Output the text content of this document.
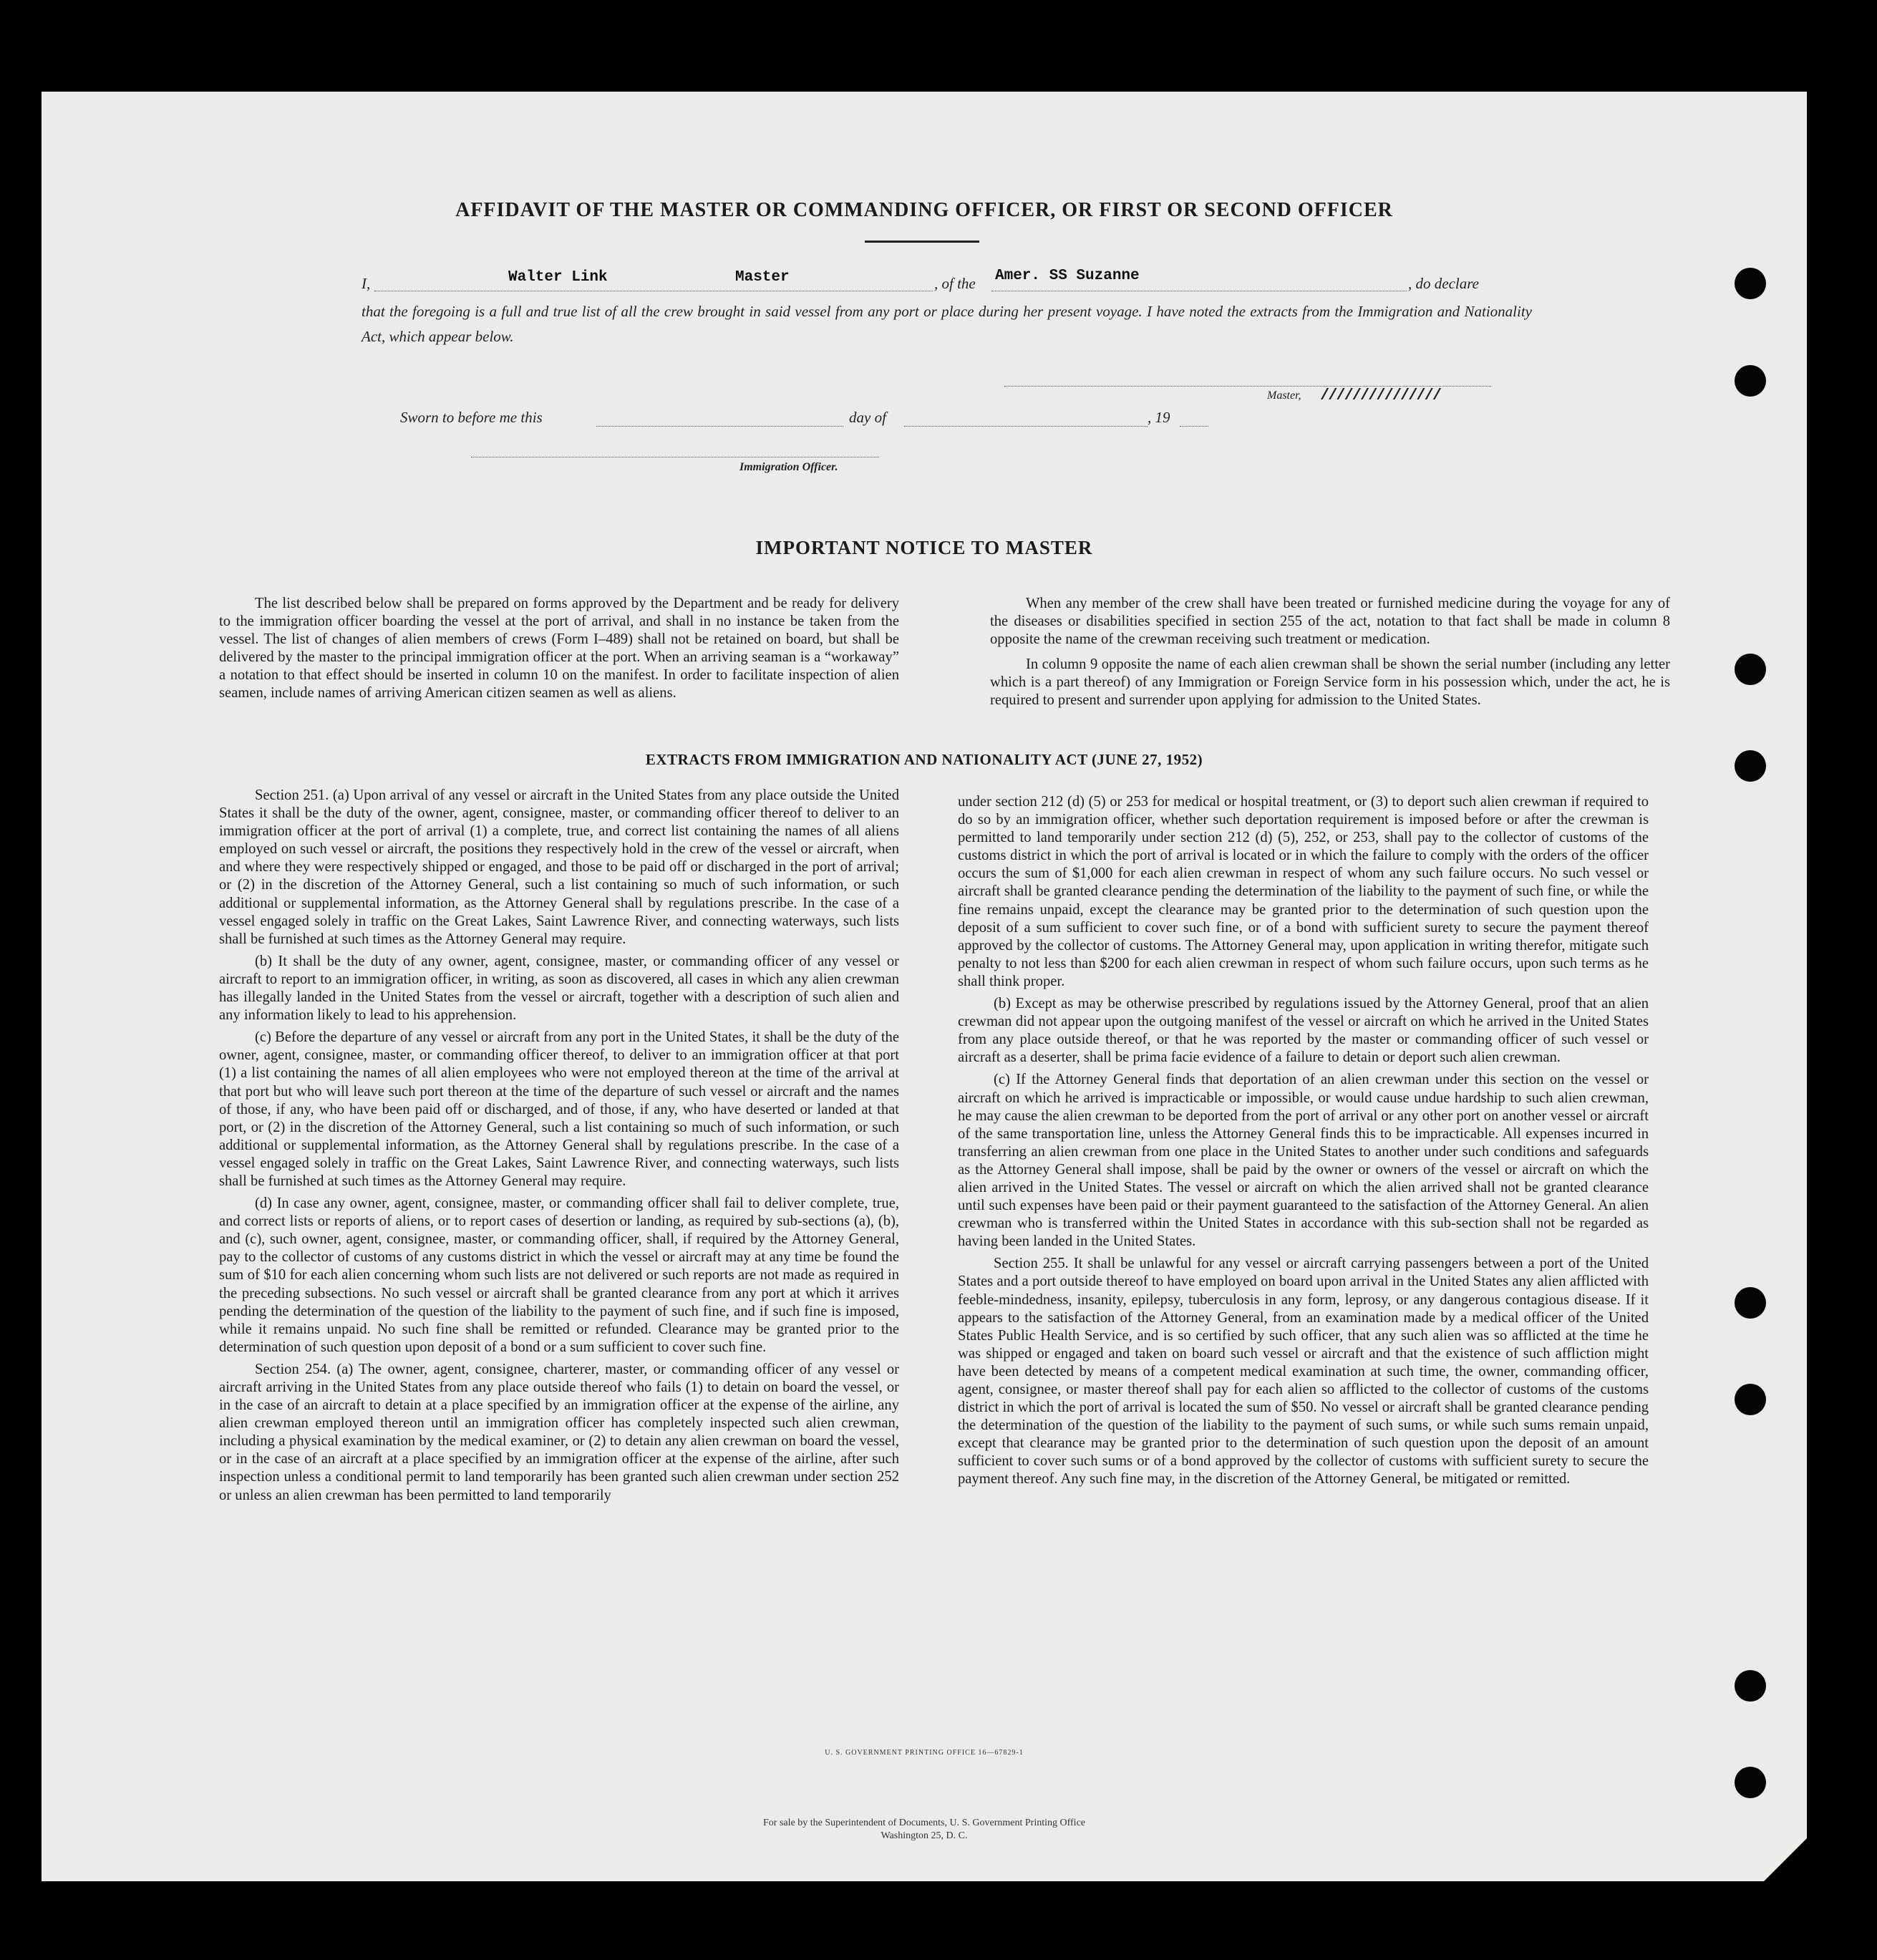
AFFIDAVIT OF THE MASTER OR COMMANDING OFFICER, OR FIRST OR SECOND OFFICER
I,	Walter Link	Master	, of the Amer. SS Suzanne	, do declare
that the foregoing is a full and true list of all the crew brought in said vessel from any port or place during her present voyage. I have noted the extracts from the Immigration and Nationality Act, which appear below.
Master, ///////////////
Sworn to before me this	day of	, 19
Immigration Officer.
IMPORTANT NOTICE TO MASTER

The list described below shall be prepared on forms approved by the Department and be ready for delivery to the immigration officer boarding the vessel at the port of arrival, and shall in no instance be taken from the vessel. The list of changes of alien members of crews (Form I–489) shall not be retained on board, but shall be delivered by the master to the principal immigration officer at the port. When an arriving seaman is a “workaway” a notation to that effect should be inserted in column 10 on the manifest. In order to facilitate inspection of alien seamen, include names of arriving American citizen seamen as well as aliens.

When any member of the crew shall have been treated or furnished medicine during the voyage for any of the diseases or disabilities specified in section 255 of the act, notation to that fact shall be made in column 8 opposite the name of the crewman receiving such treatment or medication.

In column 9 opposite the name of each alien crewman shall be shown the serial number (including any letter which is a part thereof) of any Immigration or Foreign Service form in his possession which, under the act, he is required to present and surrender upon applying for admission to the United States.

EXTRACTS FROM IMMIGRATION AND NATIONALITY ACT (JUNE 27, 1952)

Section 251. (a) Upon arrival of any vessel or aircraft in the United States from any place outside the United States it shall be the duty of the owner, agent, consignee, master, or commanding officer thereof to deliver to an immigration officer at the port of arrival (1) a complete, true, and correct list containing the names of all aliens employed on such vessel or aircraft, the positions they respectively hold in the crew of the vessel or aircraft, when and where they were respectively shipped or engaged, and those to be paid off or discharged in the port of arrival; or (2) in the discretion of the Attorney General, such a list containing so much of such information, or such additional or supplemental information, as the Attorney General shall by regulations prescribe. In the case of a vessel engaged solely in traffic on the Great Lakes, Saint Lawrence River, and connecting waterways, such lists shall be furnished at such times as the Attorney General may require.

(b) It shall be the duty of any owner, agent, consignee, master, or commanding officer of any vessel or aircraft to report to an immigration officer, in writing, as soon as discovered, all cases in which any alien crewman has illegally landed in the United States from the vessel or aircraft, together with a description of such alien and any information likely to lead to his apprehension.

(c) Before the departure of any vessel or aircraft from any port in the United States, it shall be the duty of the owner, agent, consignee, master, or commanding officer thereof, to deliver to an immigration officer at that port (1) a list containing the names of all alien employees who were not employed thereon at the time of the arrival at that port but who will leave such port thereon at the time of the departure of such vessel or aircraft and the names of those, if any, who have been paid off or discharged, and of those, if any, who have deserted or landed at that port, or (2) in the discretion of the Attorney General, such a list containing so much of such information, or such additional or supplemental information, as the Attorney General shall by regulations prescribe. In the case of a vessel engaged solely in traffic on the Great Lakes, Saint Lawrence River, and connecting waterways, such lists shall be furnished at such times as the Attorney General may require.

(d) In case any owner, agent, consignee, master, or commanding officer shall fail to deliver complete, true, and correct lists or reports of aliens, or to report cases of desertion or landing, as required by sub-sections (a), (b), and (c), such owner, agent, consignee, master, or commanding officer, shall, if required by the Attorney General, pay to the collector of customs of any customs district in which the vessel or aircraft may at any time be found the sum of $10 for each alien concerning whom such lists are not delivered or such reports are not made as required in the preceding subsections. No such vessel or aircraft shall be granted clearance from any port at which it arrives pending the determination of the question of the liability to the payment of such fine, and if such fine is imposed, while it remains unpaid. No such fine shall be remitted or refunded. Clearance may be granted prior to the determination of such question upon deposit of a bond or a sum sufficient to cover such fine.

Section 254. (a) The owner, agent, consignee, charterer, master, or commanding officer of any vessel or aircraft arriving in the United States from any place outside thereof who fails (1) to detain on board the vessel, or in the case of an aircraft to detain at a place specified by an immigration officer at the expense of the airline, any alien crewman employed thereon until an immigration officer has completely inspected such alien crewman, including a physical examination by the medical examiner, or (2) to detain any alien crewman on board the vessel, or in the case of an aircraft at a place specified by an immigration officer at the expense of the airline, after such inspection unless a conditional permit to land temporarily has been granted such alien crewman under section 252 or unless an alien crewman has been permitted to land temporarily

under section 212 (d) (5) or 253 for medical or hospital treatment, or (3) to deport such alien crewman if required to do so by an immigration officer, whether such deportation requirement is imposed before or after the crewman is permitted to land temporarily under section 212 (d) (5), 252, or 253, shall pay to the collector of customs of the customs district in which the port of arrival is located or in which the failure to comply with the orders of the officer occurs the sum of $1,000 for each alien crewman in respect of whom any such failure occurs. No such vessel or aircraft shall be granted clearance pending the determination of the liability to the payment of such fine, or while the fine remains unpaid, except the clearance may be granted prior to the determination of such question upon the deposit of a sum sufficient to cover such fine, or of a bond with sufficient surety to secure the payment thereof approved by the collector of customs. The Attorney General may, upon application in writing therefor, mitigate such penalty to not less than $200 for each alien crewman in respect of whom such failure occurs, upon such terms as he shall think proper.

(b) Except as may be otherwise prescribed by regulations issued by the Attorney General, proof that an alien crewman did not appear upon the outgoing manifest of the vessel or aircraft on which he arrived in the United States from any place outside thereof, or that he was reported by the master or commanding officer of such vessel or aircraft as a deserter, shall be prima facie evidence of a failure to detain or deport such alien crewman.

(c) If the Attorney General finds that deportation of an alien crewman under this section on the vessel or aircraft on which he arrived is impracticable or impossible, or would cause undue hardship to such alien crewman, he may cause the alien crewman to be deported from the port of arrival or any other port on another vessel or aircraft of the same transportation line, unless the Attorney General finds this to be impracticable. All expenses incurred in transferring an alien crewman from one place in the United States to another under such conditions and safeguards as the Attorney General shall impose, shall be paid by the owner or owners of the vessel or aircraft on which the alien arrived in the United States. The vessel or aircraft on which the alien arrived shall not be granted clearance until such expenses have been paid or their payment guaranteed to the satisfaction of the Attorney General. An alien crewman who is transferred within the United States in accordance with this sub-section shall not be regarded as having been landed in the United States.

Section 255. It shall be unlawful for any vessel or aircraft carrying passengers between a port of the United States and a port outside thereof to have employed on board upon arrival in the United States any alien afflicted with feeble-mindedness, insanity, epilepsy, tuberculosis in any form, leprosy, or any dangerous contagious disease. If it appears to the satisfaction of the Attorney General, from an examination made by a medical officer of the United States Public Health Service, and is so certified by such officer, that any such alien was so afflicted at the time he was shipped or engaged and taken on board such vessel or aircraft and that the existence of such affliction might have been detected by means of a competent medical examination at such time, the owner, commanding officer, agent, consignee, or master thereof shall pay for each alien so afflicted to the collector of customs of the customs district in which the port of arrival is located the sum of $50. No vessel or aircraft shall be granted clearance pending the determination of the question of the liability to the payment of such sums, or while such sums remain unpaid, except that clearance may be granted prior to the determination of such question upon the deposit of an amount sufficient to cover such sums or of a bond approved by the collector of customs with sufficient surety to secure the payment thereof. Any such fine may, in the discretion of the Attorney General, be mitigated or remitted.

U. S. GOVERNMENT PRINTING OFFICE 16—67829-1
For sale by the Superintendent of Documents, U. S. Government Printing Office
Washington 25, D. C.
